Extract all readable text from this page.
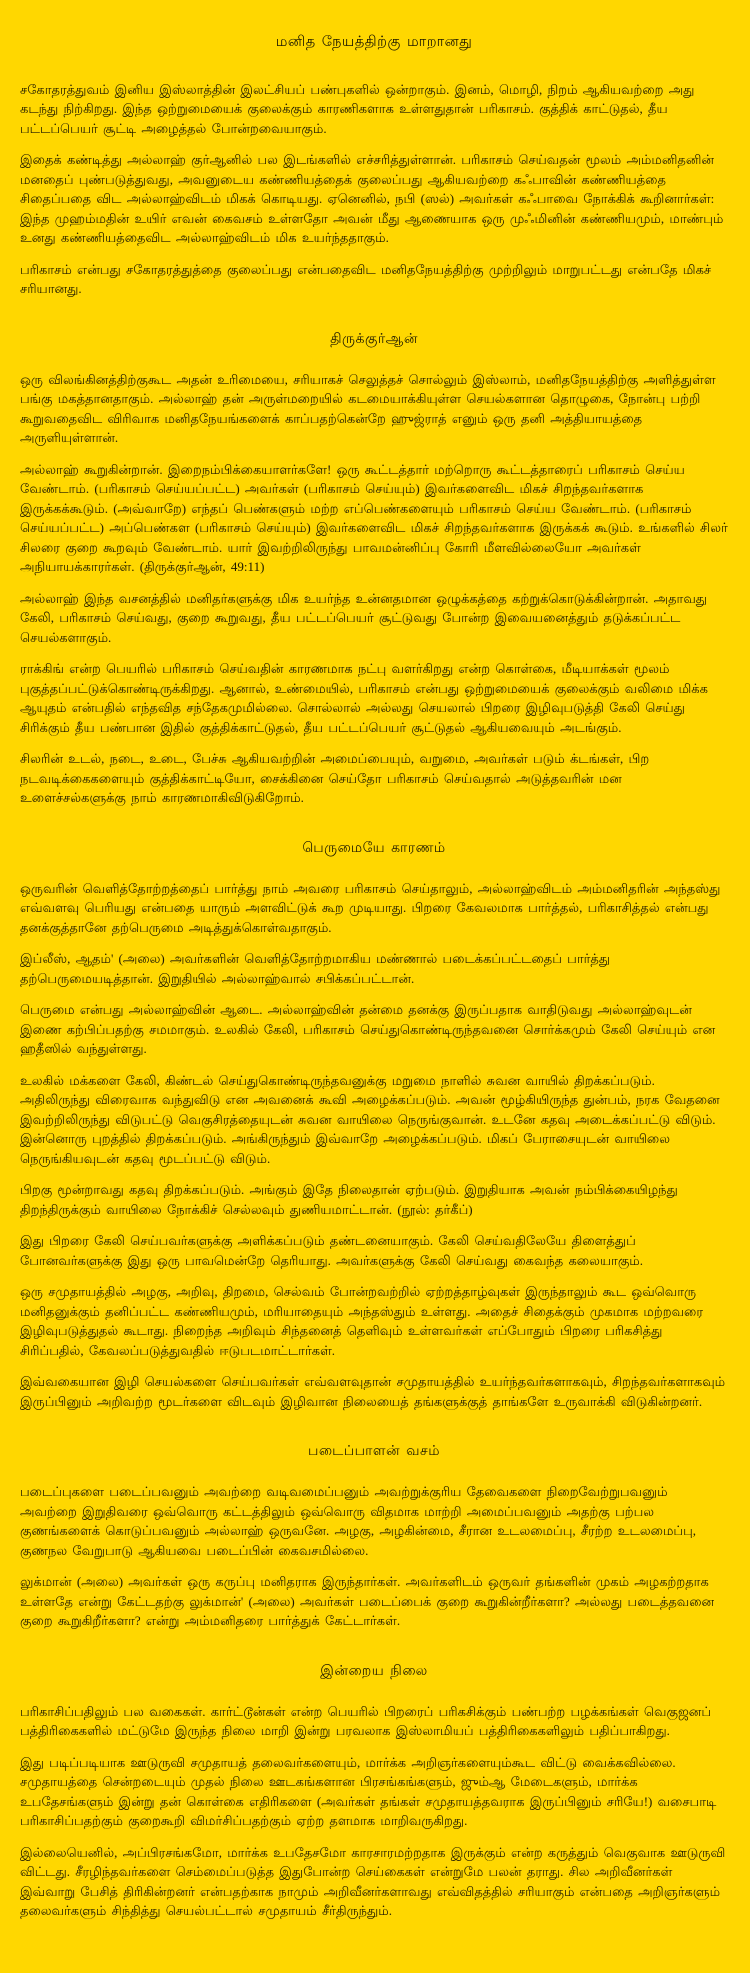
மனித நேயத்திற்கு மாறானது

சகோதரத்துவம் இனிய இஸ்லாத்தின் இலட்சியப் பண்புகளில் ஒன்றாகும். இனம், மொழி, நிறம் ஆகியவற்றை அது கடந்து நிற்கிறது. இந்த ஒற்றுமையைக் குலைக்கும் காரணிகளாக உள்ளதுதான் பரிகாசம். குத்திக் காட்டுதல், தீய பட்டப்பெயர் சூட்டி அழைத்தல் போன்றவையாகும்.

இதைக் கண்டித்து அல்லாஹ் குர்ஆனில் பல இடங்களில் எச்சரித்துள்ளான். பரிகாசம் செய்வதன் மூலம் அம்மனிதனின் மனதைப் புண்படுத்துவது, அவனுடைய கண்ணியத்தைக் குலைப்பது ஆகியவற்றை கஃபாவின் கண்ணியத்தை சிதைப்பதை விட அல்லாஹ்விடம் மிகக் கொடியது. ஏனெனில், நபி (ஸல்) அவர்கள் கஃபாவை நோக்கிக் கூறினார்கள்: இந்த முஹம்மதின் உயிர் எவன் கைவசம் உள்ளதோ அவன் மீது ஆணையாக ஒரு முஃமினின் கண்ணியமும், மாண்பும் உனது கண்ணியத்தைவிட அல்லாஹ்விடம் மிக உயர்ந்ததாகும்.

பரிகாசம் என்பது சகோதரத்துத்தை குலைப்பது என்பதைவிட மனிதநேயத்திற்கு முற்றிலும் மாறுபட்டது என்பதே மிகச் சரியானது.

திருக்குர்ஆன்

ஒரு விலங்கினத்திற்குகூட அதன் உரிமையை, சரியாகச் செலுத்தச் சொல்லும் இஸ்லாம், மனிதநேயத்திற்கு அளித்துள்ள பங்கு மகத்தானதாகும். அல்லாஹ் தன் அருள்மறையில் கடமையாக்கியுள்ள செயல்களான தொழுகை, நோன்பு பற்றி கூறுவதைவிட விரிவாக மனிதநேயங்களைக் காப்பதற்கென்றே ஹுஜ்ராத் எனும் ஒரு தனி அத்தியாயத்தை அருளியுள்ளான்.

அல்லாஹ் கூறுகின்றான். இறைநம்பிக்கையாளர்களே! ஒரு கூட்டத்தார் மற்றொரு கூட்டத்தாரைப் பரிகாசம் செய்ய வேண்டாம். (பரிகாசம் செய்யப்பட்ட) அவர்கள் (பரிகாசம் செய்யும்) இவர்களைவிட மிகச் சிறந்தவர்களாக இருக்கக்கூடும். (அவ்வாறே) எந்தப் பெண்களும் மற்ற எப்பெண்களையும் பரிகாசம் செய்ய வேண்டாம். (பரிகாசம் செய்யப்பட்ட) அப்பெண்கள (பரிகாசம் செய்யும்) இவர்களைவிட மிகச் சிறந்தவர்களாக இருக்கக் கூடும். உங்களில் சிலர் சிலரை குறை கூறவும் வேண்டாம். யார் இவற்றிலிருந்து பாவமன்னிப்பு கோரி மீளவில்லையோ அவர்கள் அநியாயக்காரர்கள். (திருக்குர்ஆன், 49:11)

அல்லாஹ் இந்த வசனத்தில் மனிதர்களுக்கு மிக உயர்ந்த உன்னதமான ஒழுக்கத்தை கற்றுக்கொடுக்கின்றான். அதாவது கேலி, பரிகாசம் செய்வது, குறை கூறுவது, தீய பட்டப்பெயர் சூட்டுவது போன்ற இவையனைத்தும் தடுக்கப்பட்ட செயல்களாகும்.

ராக்கிங் என்ற பெயரில் பரிகாசம் செய்வதின் காரணமாக நட்பு வளர்கிறது என்ற கொள்கை, மீடியாக்கள் மூலம் புகுத்தப்பட்டுக்கொண்டிருக்கிறது. ஆனால், உண்மையில், பரிகாசம் என்பது ஒற்றுமையைக் குலைக்கும் வலிமை மிக்க ஆயுதம் என்பதில் எந்தவித சந்தேகமுமில்லை. சொல்லால் அல்லது செயலால் பிறரை இழிவுபடுத்தி கேலி செய்து சிரிக்கும் தீய பண்பான இதில் குத்திக்காட்டுதல், தீய பட்டப்பெயர் சூட்டுதல் ஆகியவையும் அடங்கும்.

சிலரின் உடல், நடை, உடை, பேச்சு ஆகியவற்றின் அமைப்பையும், வறுமை, அவர்கள் படும் க்டங்கள், பிற நடவடிக்கைகளையும் குத்திக்காட்டியோ, சைக்கினை செய்தோ பரிகாசம் செய்வதால் அடுத்தவரின் மன உளைச்சல்களுக்கு நாம் காரணமாகிவிடுகிறோம்.

பெருமையே காரணம்

ஒருவரின் வெளித்தோற்றத்தைப் பார்த்து நாம் அவரை பரிகாசம் செய்தாலும், அல்லாஹ்விடம் அம்மனிதரின் அந்தஸ்து எவ்வளவு பெரியது என்பதை யாரும் அளவிட்டுக் கூற முடியாது. பிறரை கேவலமாக பார்த்தல், பரிகாசித்தல் என்பது தனக்குத்தானே தற்பெருமை அடித்துக்கொள்வதாகும்.

இப்லீஸ், ஆதம்' (அலை) அவர்களின் வெளித்தோற்றமாகிய மண்ணால் படைக்கப்பட்டதைப் பார்த்து தற்பெருமையடித்தான். இறுதியில் அல்லாஹ்வால் சபிக்கப்பட்டான்.

பெருமை என்பது அல்லாஹ்வின் ஆடை. அல்லாஹ்வின் தன்மை தனக்கு இருப்பதாக வாதிடுவது அல்லாஹ்வுடன் இணை கற்பிப்பதற்கு சமமாகும். உலகில் கேலி, பரிகாசம் செய்துகொண்டிருந்தவனை சொர்க்கமும் கேலி செய்யும் என ஹதீஸில் வந்துள்ளது.

உலகில் மக்களை கேலி, கிண்டல் செய்துகொண்டிருந்தவனுக்கு மறுமை நாளில் சுவன வாயில் திறக்கப்படும். அதிலிருந்து விரைவாக வந்துவிடு என அவனைக் கூவி அழைக்கப்படும். அவன் மூழ்கியிருந்த துன்பம், நரக வேதனை இவற்றிலிருந்து விடுபட்டு வெகுசிரத்தையுடன் சுவன வாயிலை நெருங்குவான். உடனே கதவு அடைக்கப்பட்டு விடும். இன்னொரு புறத்தில் திறக்கப்படும். அங்கிருந்தும் இவ்வாறே அழைக்கப்படும். மிகப் பேராசையுடன் வாயிலை நெருங்கியவுடன் கதவு மூடப்பட்டு விடும்.

பிறகு மூன்றாவது கதவு திறக்கப்படும். அங்கும் இதே நிலைதான் ஏற்படும். இறுதியாக அவன் நம்பிக்கையிழந்து திறந்திருக்கும் வாயிலை நோக்கிச் செல்லவும் துணியமாட்டான். (நூல்: தர்கீப்)

இது பிறரை கேலி செய்பவர்களுக்கு அளிக்கப்படும் தண்டனையாகும். கேலி செய்வதிலேயே திளைத்துப் போனவர்களுக்கு இது ஒரு பாவமென்றே தெரியாது. அவர்களுக்கு கேலி செய்வது கைவந்த கலையாகும்.

ஒரு சமுதாயத்தில் அழகு, அறிவு, திறமை, செல்வம் போன்றவற்றில் ஏற்றத்தாழ்வுகள் இருந்தாலும் கூட ஒவ்வொரு மனிதனுக்கும் தனிப்பட்ட கண்ணியமும், மரியாதையும் அந்தஸ்தும் உள்ளது. அதைச் சிதைக்கும் முகமாக மற்றவரை இழிவுபடுத்துதல் கூடாது. நிறைந்த அறிவும் சிந்தனைத் தெளிவும் உள்ளவர்கள் எப்போதும் பிறரை பரிகசித்து சிரிப்பதில், கேவலப்படுத்துவதில் ஈடுபடமாட்டார்கள்.

இவ்வகையான இழி செயல்களை செய்பவர்கள் எவ்வளவுதான் சமுதாயத்தில் உயர்ந்தவர்களாகவும், சிறந்தவர்களாகவும் இருப்பினும் அறிவற்ற மூடர்களை விடவும் இழிவான நிலையைத் தங்களுக்குத் தாங்களே உருவாக்கி விடுகின்றனர்.

படைப்பாளன் வசம்

படைப்புகளை படைப்பவனும் அவற்றை வடிவமைப்பனும் அவற்றுக்குரிய தேவைகளை நிறைவேற்றுபவனும் அவற்றை இறுதிவரை ஒவ்வொரு கட்டத்திலும் ஒவ்வொரு விதமாக மாற்றி அமைப்பவனும் அதற்கு பற்பல குணங்களைக் கொடுப்பவனும் அல்லாஹ் ஒருவனே. அழகு, அழகின்மை, சீரான உடலமைப்பு, சீரற்ற உடலமைப்பு, குணநல வேறுபாடு ஆகியவை படைப்பின் கைவசமில்லை.

லுக்மான் (அலை) அவர்கள் ஒரு கருப்பு மனிதராக இருந்தார்கள். அவர்களிடம் ஒருவர் தங்களின் முகம் அழகற்றதாக உள்ளதே என்று கேட்டதற்கு லுக்மான்' (அலை) அவர்கள் படைப்பைக் குறை கூறுகின்றீர்களா? அல்லது படைத்தவனை குறை கூறுகிறீர்களா? என்று அம்மனிதரை பார்த்துக் கேட்டார்கள்.

இன்றைய நிலை

பரிகாசிப்பதிலும் பல வகைகள். கார்ட்டூன்கள் என்ற பெயரில் பிறரைப் பரிகசிக்கும் பண்பற்ற பழக்கங்கள் வெகுஜனப் பத்திரிகைகளில் மட்டுமே இருந்த நிலை மாறி இன்று பரவலாக இஸ்லாமியப் பத்திரிகைகளிலும் பதிப்பாகிறது.

இது படிப்படியாக ஊடுருவி சமுதாயத் தலைவர்களையும், மார்க்க அறிஞர்களையும்கூட விட்டு வைக்கவில்லை. சமுதாயத்தை சென்றடையும் முதல் நிலை ஊடகங்களான பிரசங்கங்களும், ஜும்ஆ மேடைகளும், மார்க்க உபதேசங்களும் இன்று தன் கொள்கை எதிரிகளை (அவர்கள் தங்கள் சமுதாயத்தவராக இருப்பினும் சரியே!) வசைபாடி பரிகாசிப்பதற்கும் குறைகூறி விமர்சிப்பதற்கும் ஏற்ற தளமாக மாறிவருகிறது.

இல்லையெனில், அப்பிரசங்கமோ, மார்க்க உபதேசமோ காரசாரமற்றதாக இருக்கும் என்ற கருத்தும் வெகுவாக ஊடுருவி விட்டது. சீரழிந்தவர்களை செம்மைப்படுத்த இதுபோன்ற செய்கைகள் என்றுமே பலன் தராது. சில அறிவீனர்கள் இவ்வாறு பேசித் திரிகின்றனர் என்பதற்காக நாமும் அறிவீனர்களாவது எவ்விதத்தில் சரியாகும் என்பதை அறிஞர்களும் தலைவர்களும் சிந்தித்து செயல்பட்டால் சமுதாயம் சீர்திருந்தும்.
